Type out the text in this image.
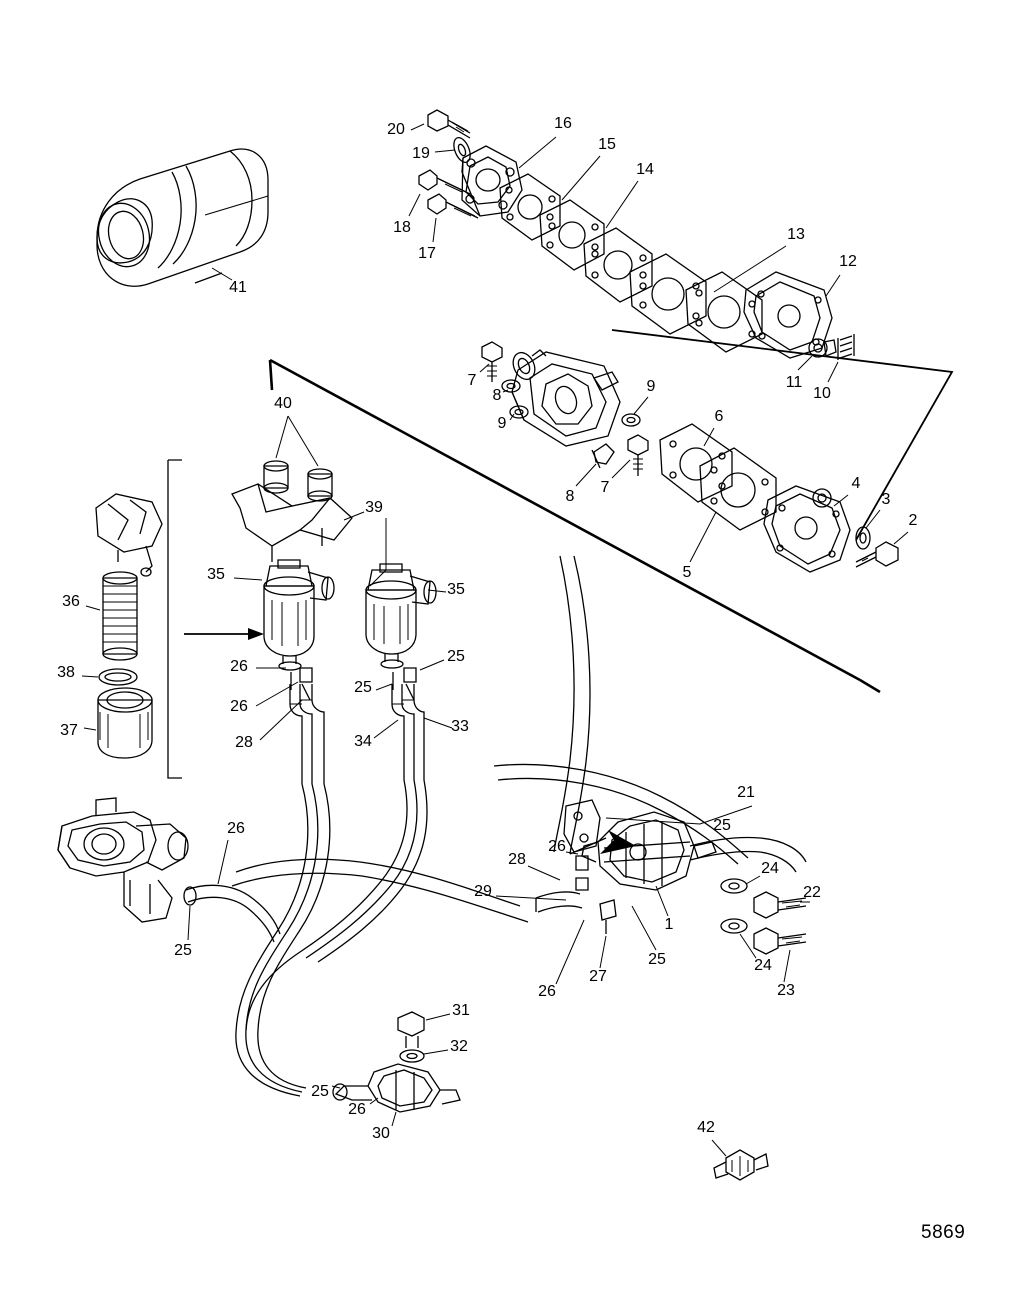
20
19
18
17
16
15
14
13
12
11
10
7
8
9
9
6
8
7
5
4
3
2
41
40
39
35
35
36
38
37
26
26
28
25
25
34
33
21
25
26
28
29
24
22
1
24
23
25
27
26
26
25
31
32
25
26
30	42
5869
